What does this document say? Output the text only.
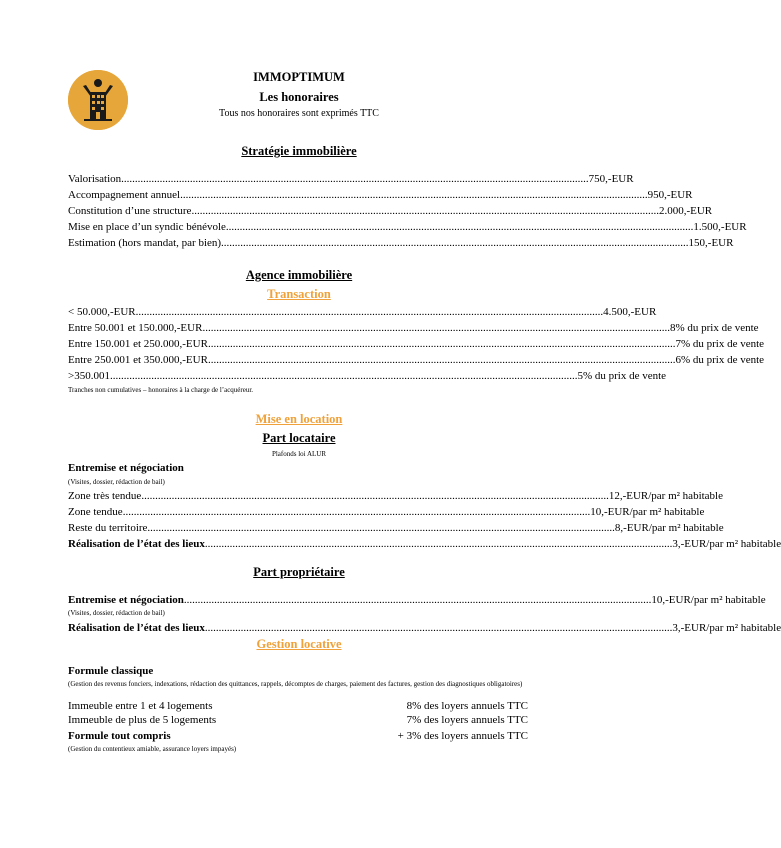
IMMOPTIMUM
Les honoraires
Tous nos honoraires sont exprimés TTC
Stratégie immobilière
Valorisation .......................................................................................................................................................................... 750,-EUR
Accompagnement annuel .......................................................................................................................................................................... 950,-EUR
Constitution d’une structure .......................................................................................................................................................................... 2.000,-EUR
Mise en place d’un syndic bénévole .......................................................................................................................................................................... 1.500,-EUR
Estimation (hors mandat, par bien) .......................................................................................................................................................................... 150,-EUR
Agence immobilière
Transaction
< 50.000,-EUR .......................................................................................................................................................................... 4.500,-EUR
Entre 50.001 et 150.000,-EUR .......................................................................................................................................................................... 8% du prix de vente
Entre 150.001 et 250.000,-EUR .......................................................................................................................................................................... 7% du prix de vente
Entre 250.001 et 350.000,-EUR .......................................................................................................................................................................... 6% du prix de vente
>350.001 .......................................................................................................................................................................... 5% du prix de vente
Tranches non cumulatives – honoraires à la charge de l’acquéreur.
Mise en location
Part locataire
Plafonds loi ALUR
Entremise et négociation
(Visites, dossier, rédaction de bail)
Zone très tendue .......................................................................................................................................................................... 12,-EUR/par m² habitable
Zone tendue .......................................................................................................................................................................... 10,-EUR/par m² habitable
Reste du territoire .......................................................................................................................................................................... 8,-EUR/par m² habitable
Réalisation de l’état des lieux .......................................................................................................................................................................... 3,-EUR/par m² habitable
Part propriétaire
Entremise et négociation .......................................................................................................................................................................... 10,-EUR/par m² habitable
(Visites, dossier, rédaction de bail)
Réalisation de l’état des lieux .......................................................................................................................................................................... 3,-EUR/par m² habitable
Gestion locative
Formule classique
(Gestion des revenus fonciers, indexations, rédaction des quittances, rappels, décomptes de charges, paiement des factures, gestion des diagnostiques obligatoires)
Immeuble entre 1 et 4 logements	8% des loyers annuels TTC
Immeuble de plus de 5 logements	7% des loyers annuels TTC
Formule tout compris	+ 3% des loyers annuels TTC
(Gestion du contentieux amiable, assurance loyers impayés)
